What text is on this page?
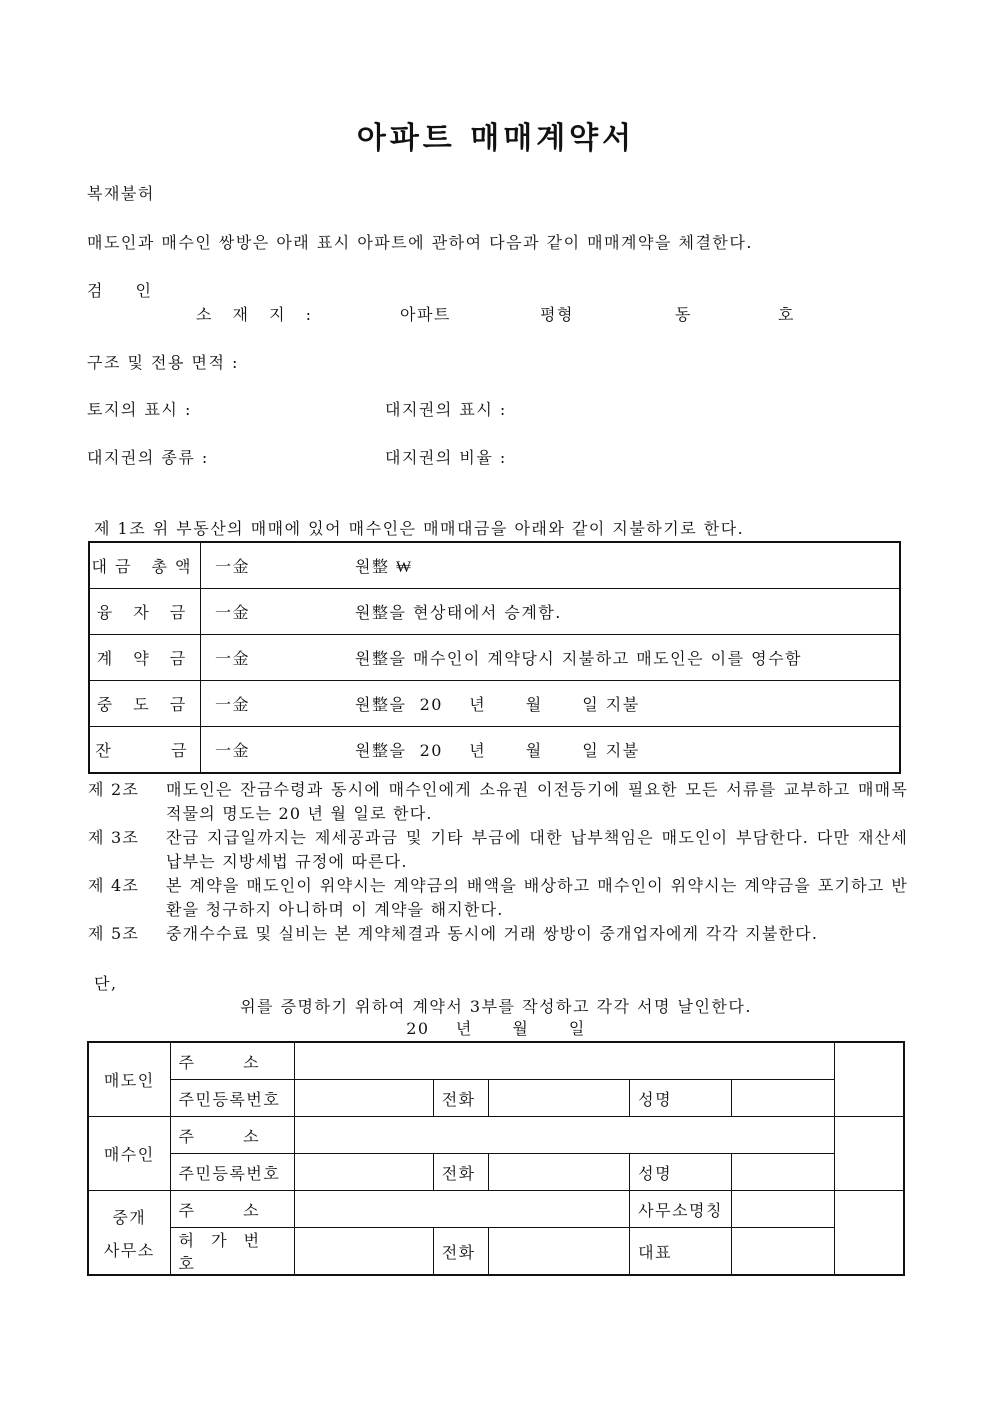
아파트 매매계약서
복재불허
매도인과 매수인 쌍방은 아래 표시 아파트에 관하여 다음과 같이 매매계약을 체결한다.
검 인
소 재 지 :	아파트	평형	동	호
구조 및 전용 면적 :
토지의 표시 :	대지권의 표시 :
대지권의 종류 :	대지권의 비율 :
제 1조 위 부동산의 매매에 있어 매수인은 매매대금을 아래와 같이 지불하기로 한다.
대금 총액	一金 원整 ₩
융 자 금	一金 원整을 현상태에서 승계함.
계 약 금	一金 원整을 매수인이 계약당시 지불하고 매도인은 이를 영수함
중 도 금	一金 원整을  20    년      월      일 지불
잔    금	一金 원整을  20    년      월      일 지불
제 2조	매도인은 잔금수령과 동시에 매수인에게 소유권 이전등기에 필요한 모든 서류를 교부하고 매매목적물의 명도는 20 년 월 일로 한다.
제 3조	잔금 지급일까지는 제세공과금 및 기타 부금에 대한 납부책임은 매도인이 부담한다. 다만 재산세 납부는 지방세법 규정에 따른다.
제 4조	본 계약을 매도인이 위약시는 계약금의 배액을 배상하고 매수인이 위약시는 계약금을 포기하고 반환을 청구하지 아니하며 이 계약을 해지한다.
제 5조	중개수수료 및 실비는 본 계약체결과 동시에 거래 쌍방이 중개업자에게 각각 지불한다.
단,
위를 증명하기 위하여 계약서 3부를 작성하고 각각 서명 날인한다.
20    년      월      일
매도인	주 소						
	주민등록번호		전화		성명		
매수인	주 소						
	주민등록번호		전화		성명		

중개
사무소	주 소				사무소명칭		
	허 가 번 호		전화		대표		
